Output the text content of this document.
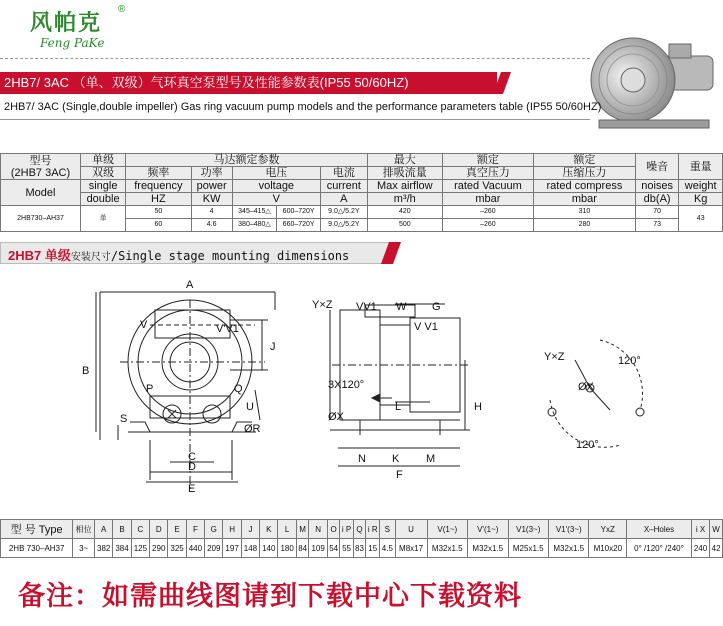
风帕克
®
Feng PaKe
2HB7/ 3AC （单、双级）气环真空泵型号及性能参数表(IP55 50/60HZ)
2HB7/ 3AC (Single,double impeller) Gas ring vacuum pump models and the performance parameters table (IP55 50/60HZ)
型号
(2HB7 3AC)	单级	马达额定参数					最大	额定	额定	噪音	重量
	双级	频率	功率	电压		电流	排吸流量	真空压力	压缩压力		
Model	single	frequency	power	voltage		current	Max airflow	rated Vacuum	rated compress	noises	weight
	double	HZ	KW	V		A	m³/h	mbar	mbar	db(A)	Kg
2HB730–AH37	单	50	4	345–415△	600–720Y	9.0△/5.2Y	420	–260	310	70	43
		60	4.6	380–480△	660–720Y	9.0△/5.2Y	500	–260	280	73	
2HB7 单级安装尺寸/Single stage mounting dimensions
A
B
C
D
E
P	Q
U
ØR
S
J
V	V'V1
Y×Z VV1 W G
V V1
ØX
3X120°
L	H
N K M
F
Y×Z	120°
ØX
120°
型 号 Type	相位	A	B	C	D	E	F	G	H	J	K	L	M	N	O	i P	Q	i R	S	U	V(1~)	V'(1~)	V1(3~)	V1'(3~)	YxZ	X–Holes	i X	W
2HB 730–AH37	3~	382	384	125	290	325	440	209	197	148	140	180	84	109	54	55	83	15	4.5	M8x17	M32x1.5	M32x1.5	M25x1.5	M32x1.5	M10x20	0° /120° /240°	240	42
备注：如需曲线图请到下载中心下载资料
